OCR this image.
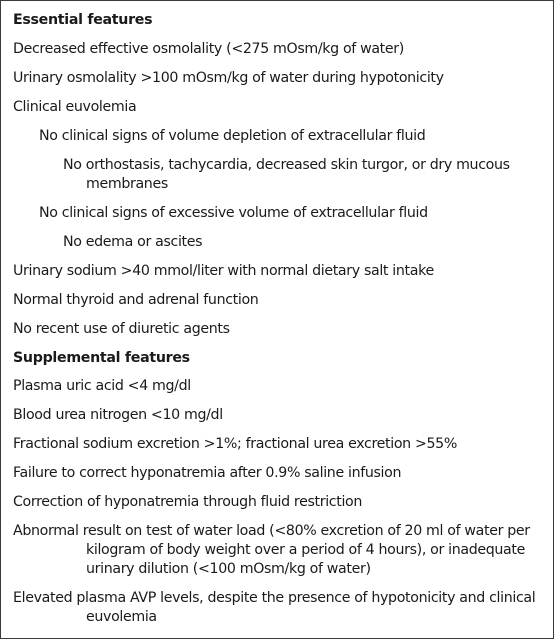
Essential features
Decreased effective osmolality (<275 mOsm/kg of water)
Urinary osmolality >100 mOsm/kg of water during hypotonicity
Clinical euvolemia
No clinical signs of volume depletion of extracellular fluid
No orthostasis, tachycardia, decreased skin turgor, or dry mucous
membranes
No clinical signs of excessive volume of extracellular fluid
No edema or ascites
Urinary sodium >40 mmol/liter with normal dietary salt intake
Normal thyroid and adrenal function
No recent use of diuretic agents
Supplemental features
Plasma uric acid <4 mg/dl
Blood urea nitrogen <10 mg/dl
Fractional sodium excretion >1%; fractional urea excretion >55%
Failure to correct hyponatremia after 0.9% saline infusion
Correction of hyponatremia through fluid restriction
Abnormal result on test of water load (<80% excretion of 20 ml of water per
kilogram of body weight over a period of 4 hours), or inadequate
urinary dilution (<100 mOsm/kg of water)
Elevated plasma AVP levels, despite the presence of hypotonicity and clinical
euvolemia
